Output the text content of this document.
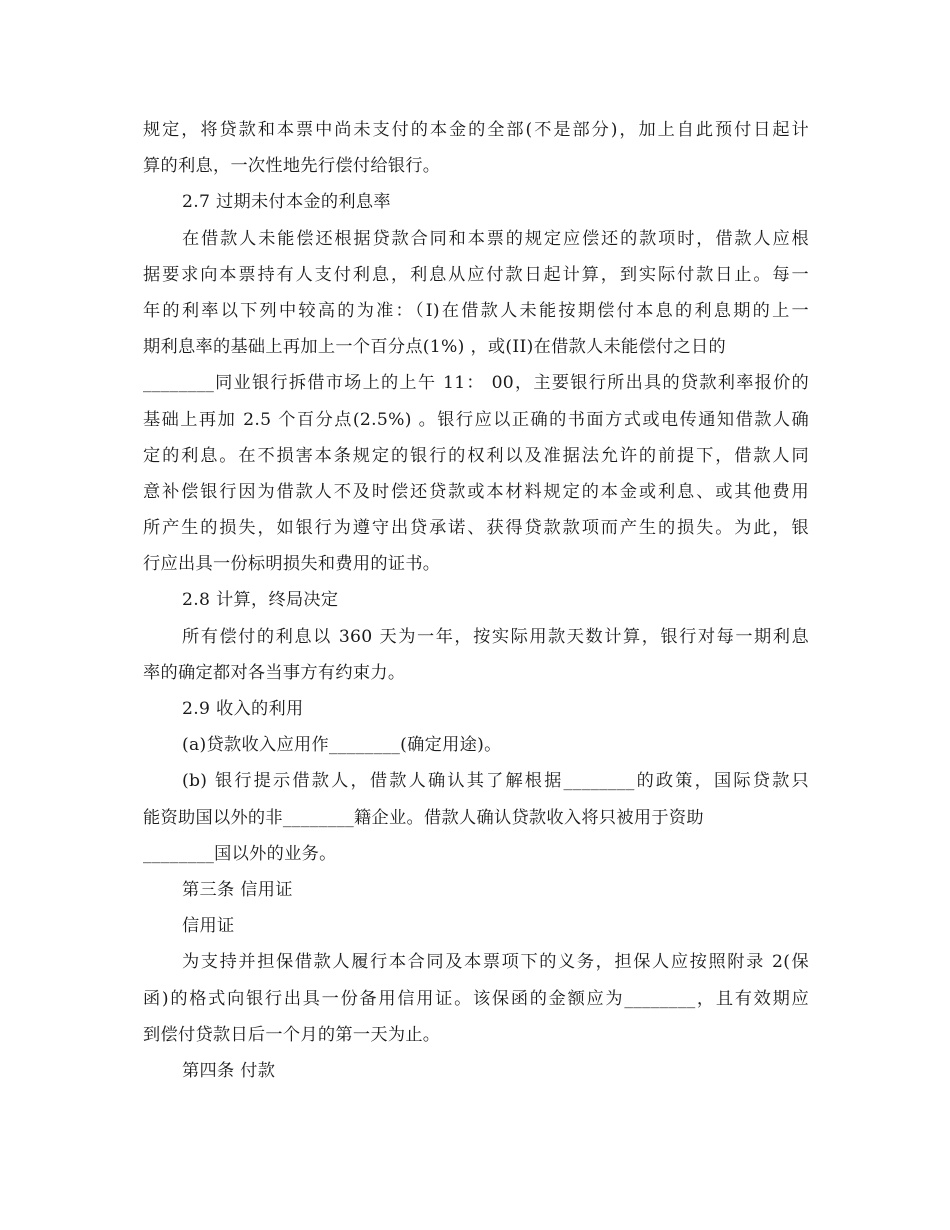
规定，将贷款和本票中尚未支付的本金的全部(不是部分)，加上自此预付日起计
算的利息，一次性地先行偿付给银行。
2.7 过期未付本金的利息率
在借款人未能偿还根据贷款合同和本票的规定应偿还的款项时，借款人应根
据要求向本票持有人支付利息，利息从应付款日起计算，到实际付款日止。每一
年的利率以下列中较高的为准：（I)在借款人未能按期偿付本息的利息期的上一
期利息率的基础上再加上一个百分点(1%) ，或(II)在借款人未能偿付之日的
________同业银行拆借市场上的上午 11： 00，主要银行所出具的贷款利率报价的
基础上再加 2.5 个百分点(2.5%) 。银行应以正确的书面方式或电传通知借款人确
定的利息。在不损害本条规定的银行的权利以及准据法允许的前提下，借款人同
意补偿银行因为借款人不及时偿还贷款或本材料规定的本金或利息、或其他费用
所产生的损失，如银行为遵守出贷承诺、获得贷款款项而产生的损失。为此，银
行应出具一份标明损失和费用的证书。
2.8 计算，终局决定
所有偿付的利息以 360 天为一年，按实际用款天数计算，银行对每一期利息
率的确定都对各当事方有约束力。
2.9 收入的利用
(a)贷款收入应用作________(确定用途)。
(b) 银行提示借款人，借款人确认其了解根据________的政策，国际贷款只
能资助国以外的非________籍企业。借款人确认贷款收入将只被用于资助
________国以外的业务。
第三条 信用证
信用证
为支持并担保借款人履行本合同及本票项下的义务，担保人应按照附录 2(保
函)的格式向银行出具一份备用信用证。该保函的金额应为________，且有效期应
到偿付贷款日后一个月的第一天为止。
第四条 付款
